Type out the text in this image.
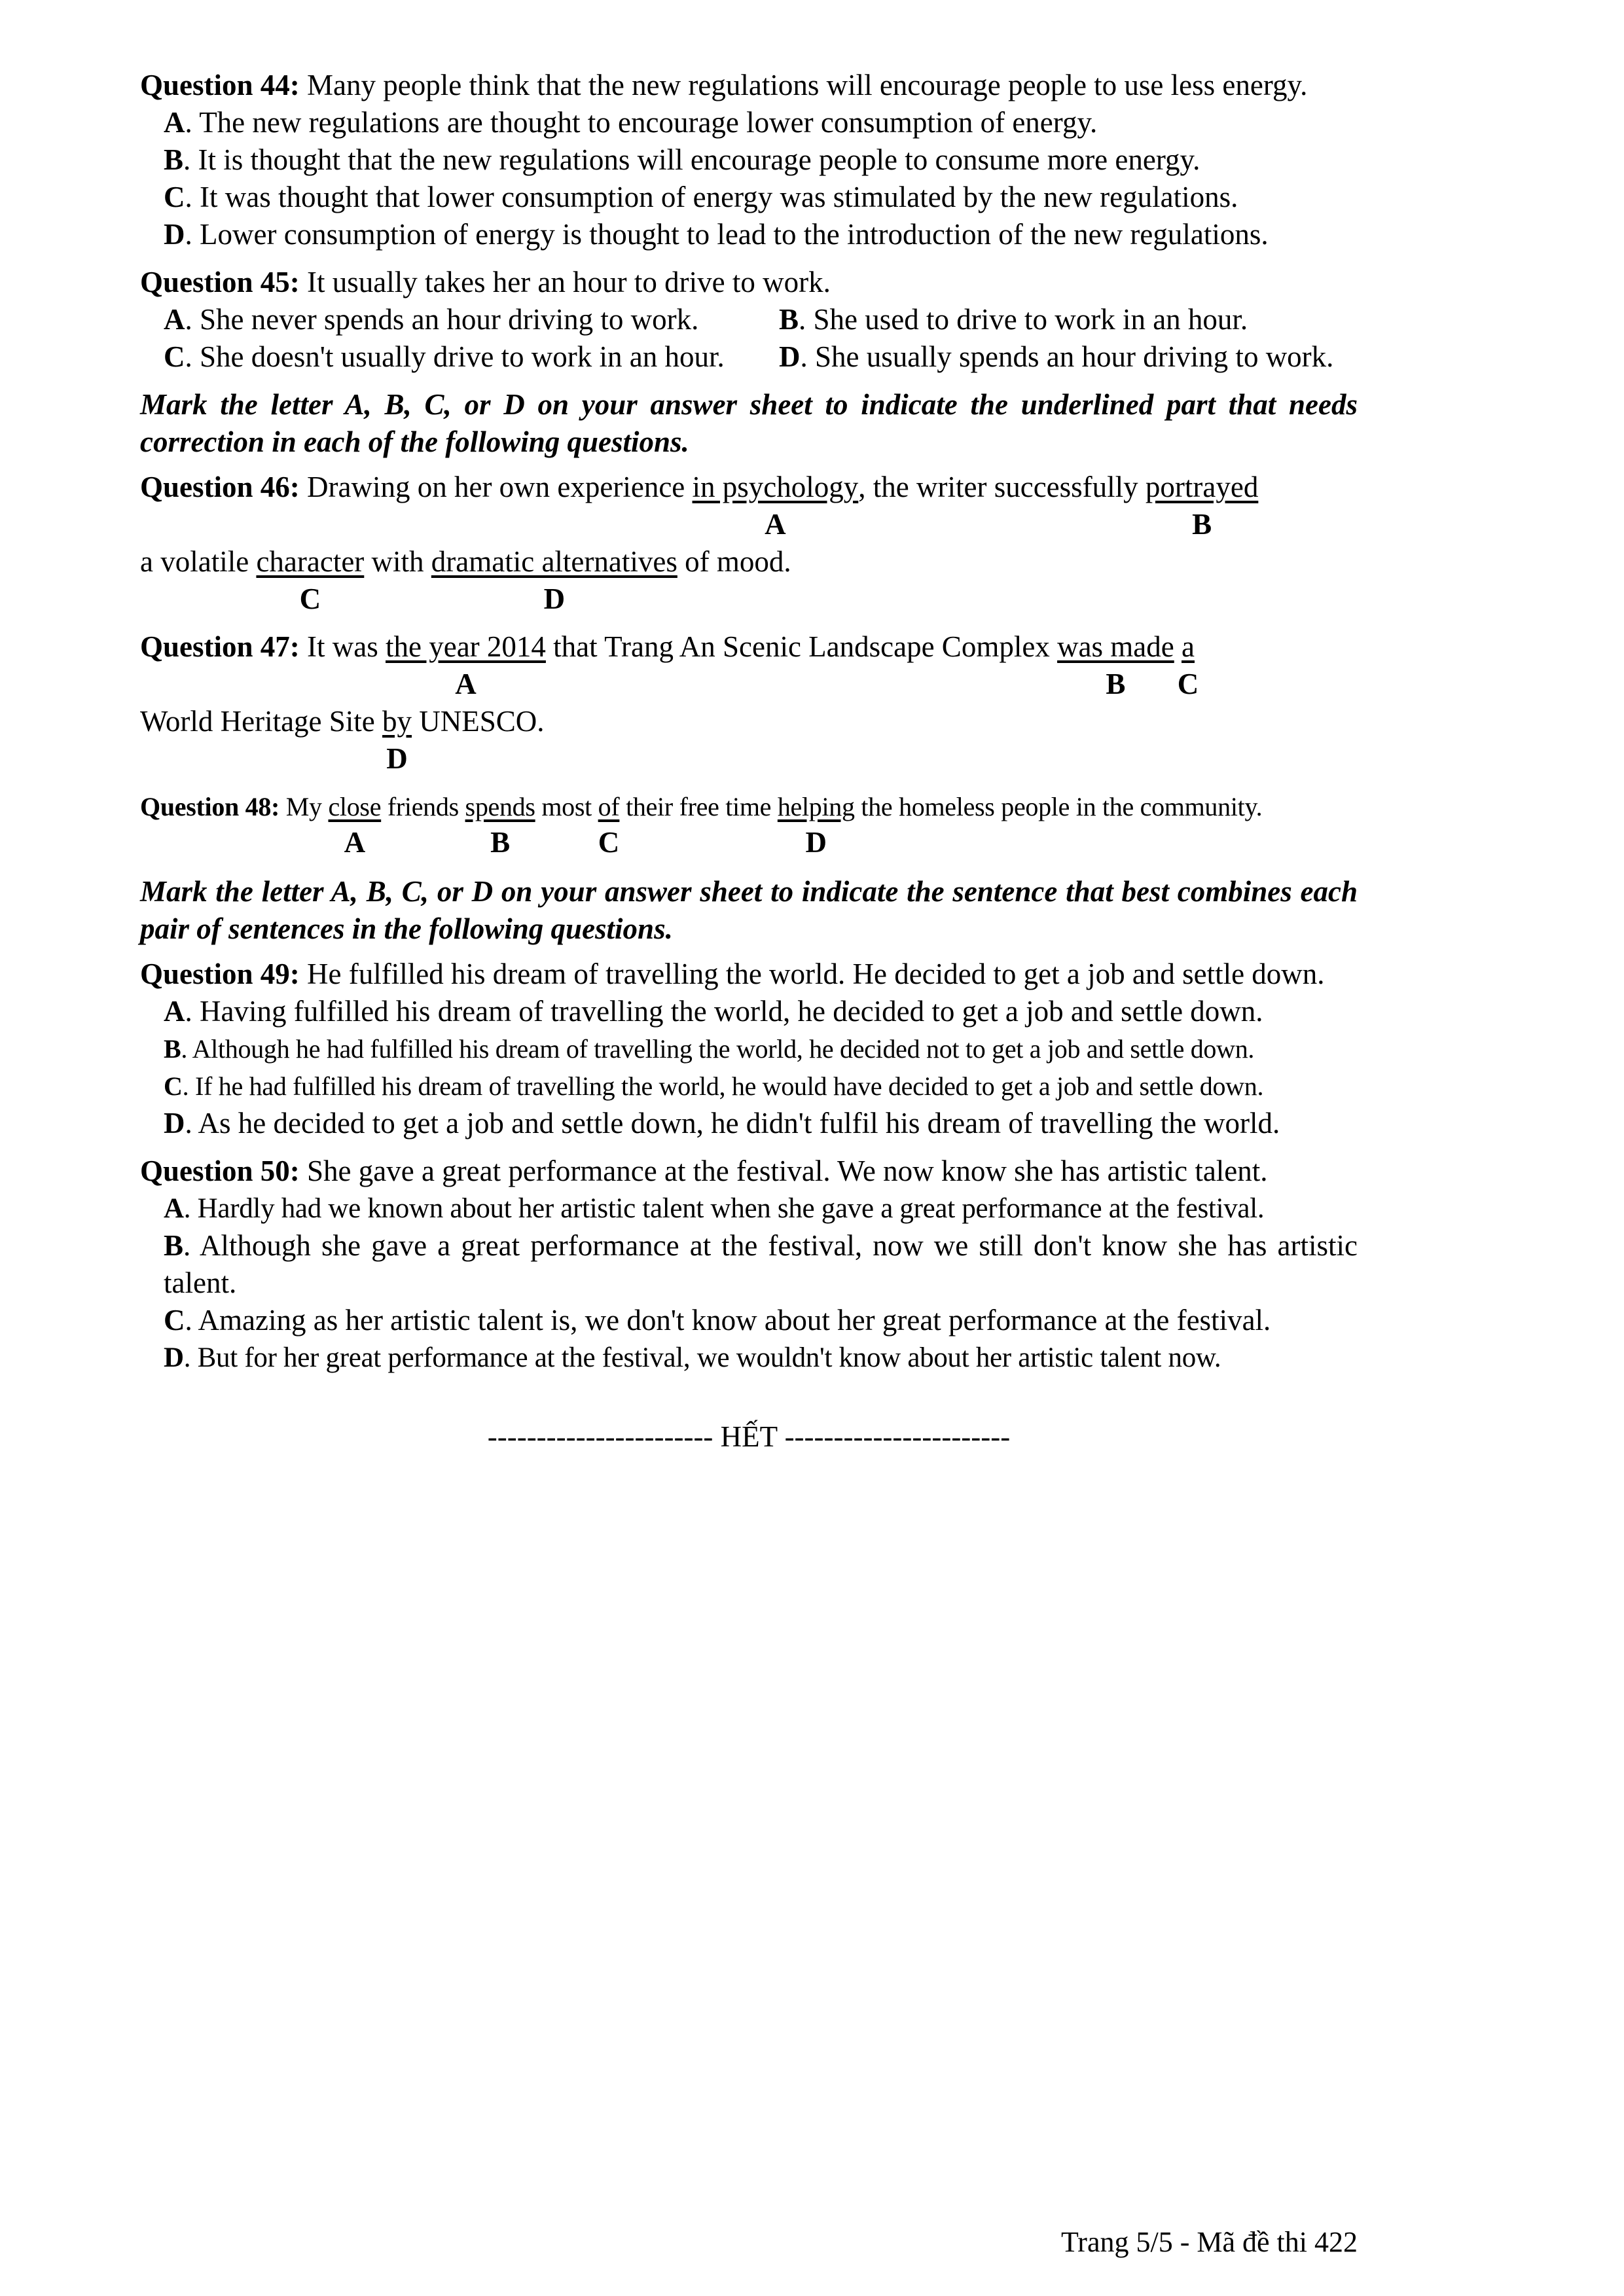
Question 44: Many people think that the new regulations will encourage people to use less energy.

A. The new regulations are thought to encourage lower consumption of energy.

B. It is thought that the new regulations will encourage people to consume more energy.

C. It was thought that lower consumption of energy was stimulated by the new regulations.

D. Lower consumption of energy is thought to lead to the introduction of the new regulations.

Question 45: It usually takes her an hour to drive to work.

A. She never spends an hour driving to work.	B. She used to drive to work in an hour.

C. She doesn't usually drive to work in an hour.	D. She usually spends an hour driving to work.

Mark the letter A, B, C, or D on your answer sheet to indicate the underlined part that needs correction in each of the following questions.

Question 46: Drawing on her own experience in psychology
A
, the writer successfully portrayed
B
a volatile character
C
with dramatic alternatives
D
of mood.
Question 47: It was the year 2014
A
that Trang An Scenic Landscape Complex was made
B
a
C
World Heritage Site by
D
UNESCO.
Question 48: My close
A
friends spends
B
most of
C
their free time helping
D
the homeless people in the community.

Mark the letter A, B, C, or D on your answer sheet to indicate the sentence that best combines each pair of sentences in the following questions.

Question 49: He fulfilled his dream of travelling the world. He decided to get a job and settle down.

A. Having fulfilled his dream of travelling the world, he decided to get a job and settle down.

B. Although he had fulfilled his dream of travelling the world, he decided not to get a job and settle down.

C. If he had fulfilled his dream of travelling the world, he would have decided to get a job and settle down.

D. As he decided to get a job and settle down, he didn't fulfil his dream of travelling the world.

Question 50: She gave a great performance at the festival. We now know she has artistic talent.

A. Hardly had we known about her artistic talent when she gave a great performance at the festival.

B. Although she gave a great performance at the festival, now we still don't know she has artistic talent.

C. Amazing as her artistic talent is, we don't know about her great performance at the festival.

D. But for her great performance at the festival, we wouldn't know about her artistic talent now.

----------------------- HẾT -----------------------

Trang 5/5 - Mã đề thi 422
